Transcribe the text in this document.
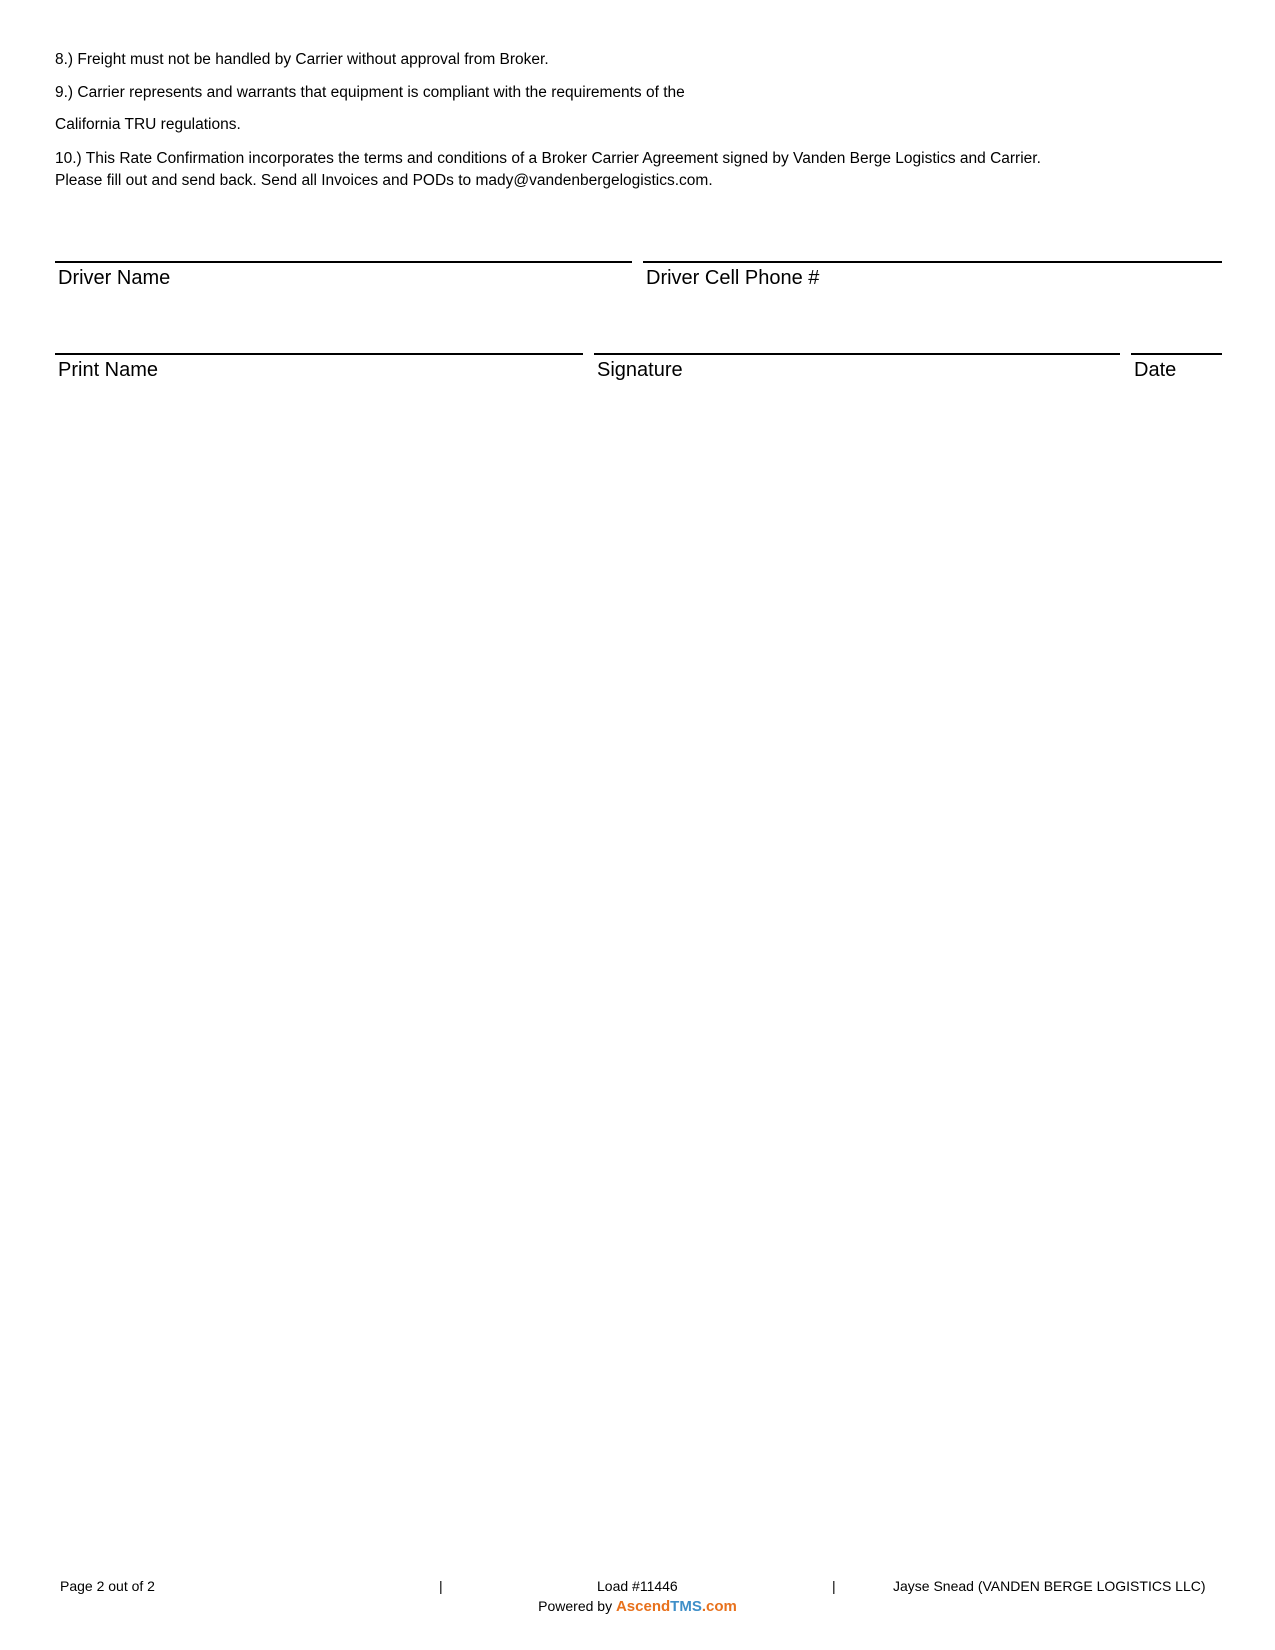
8.) Freight must not be handled by Carrier without approval from Broker.
9.) Carrier represents and warrants that equipment is compliant with the requirements of the
California TRU regulations.
10.) This Rate Confirmation incorporates the terms and conditions of a Broker Carrier Agreement signed by Vanden Berge Logistics and Carrier.
Please fill out and send back. Send all Invoices and PODs to mady@vandenbergelogistics.com.
Driver Name	Driver Cell Phone #
Print Name	Signature	Date
Page 2 out of 2	|	Load #11446	|	Jayse Snead (VANDEN BERGE LOGISTICS LLC)
Powered by AscendTMS.com
